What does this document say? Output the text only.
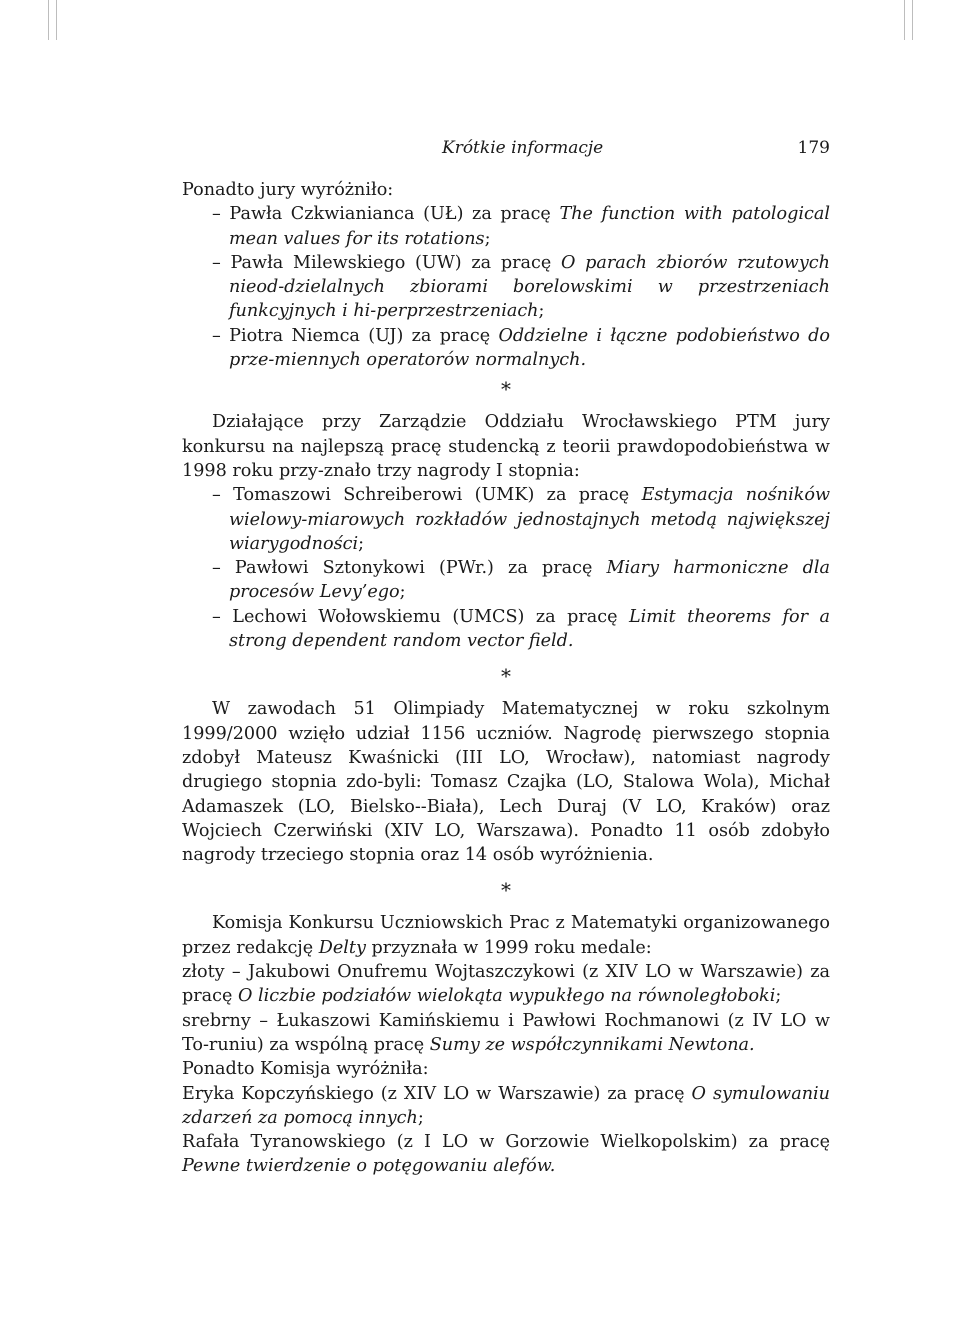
Krótkie informacje	179

Ponadto jury wyróżniło:

– Pawła Czkwianianca (UŁ) za pracę The function with patological mean values for its rotations;

– Pawła Milewskiego (UW) za pracę O parach zbiorów rzutowych nieod-dzielalnych zbiorami borelowskimi w przestrzeniach funkcyjnych i hi-perprzestrzeniach;

– Piotra Niemca (UJ) za pracę Oddzielne i łączne podobieństwo do prze-miennych operatorów normalnych.

*

Działające przy Zarządzie Oddziału Wrocławskiego PTM jury konkursu na najlepszą pracę studencką z teorii prawdopodobieństwa w 1998 roku przy-znało trzy nagrody I stopnia:

– Tomaszowi Schreiberowi (UMK) za pracę Estymacja nośników wielowy-miarowych rozkładów jednostajnych metodą największej wiarygodności;

– Pawłowi Sztonykowi (PWr.) za pracę Miary harmoniczne dla procesów Levy’ego;

– Lechowi Wołowskiemu (UMCS) za pracę Limit theorems for a strong dependent random vector field.

*

W zawodach 51 Olimpiady Matematycznej w roku szkolnym 1999/2000 wzięło udział 1156 uczniów. Nagrodę pierwszego stopnia zdobył Mateusz Kwaśnicki (III LO, Wrocław), natomiast nagrody drugiego stopnia zdo-byli: Tomasz Czajka (LO, Stalowa Wola), Michał Adamaszek (LO, Bielsko--Biała), Lech Duraj (V LO, Kraków) oraz Wojciech Czerwiński (XIV LO, Warszawa). Ponadto 11 osób zdobyło nagrody trzeciego stopnia oraz 14 osób wyróżnienia.

*

Komisja Konkursu Uczniowskich Prac z Matematyki organizowanego przez redakcję Delty przyznała w 1999 roku medale:

złoty – Jakubowi Onufremu Wojtaszczykowi (z XIV LO w Warszawie) za pracę O liczbie podziałów wielokąta wypukłego na równoległoboki;

srebrny – Łukaszowi Kamińskiemu i Pawłowi Rochmanowi (z IV LO w To-runiu) za wspólną pracę Sumy ze współczynnikami Newtona.

Ponadto Komisja wyróżniła:

Eryka Kopczyńskiego (z XIV LO w Warszawie) za pracę O symulowaniu zdarzeń za pomocą innych;

Rafała Tyranowskiego (z I LO w Gorzowie Wielkopolskim) za pracę Pewne twierdzenie o potęgowaniu alefów.
